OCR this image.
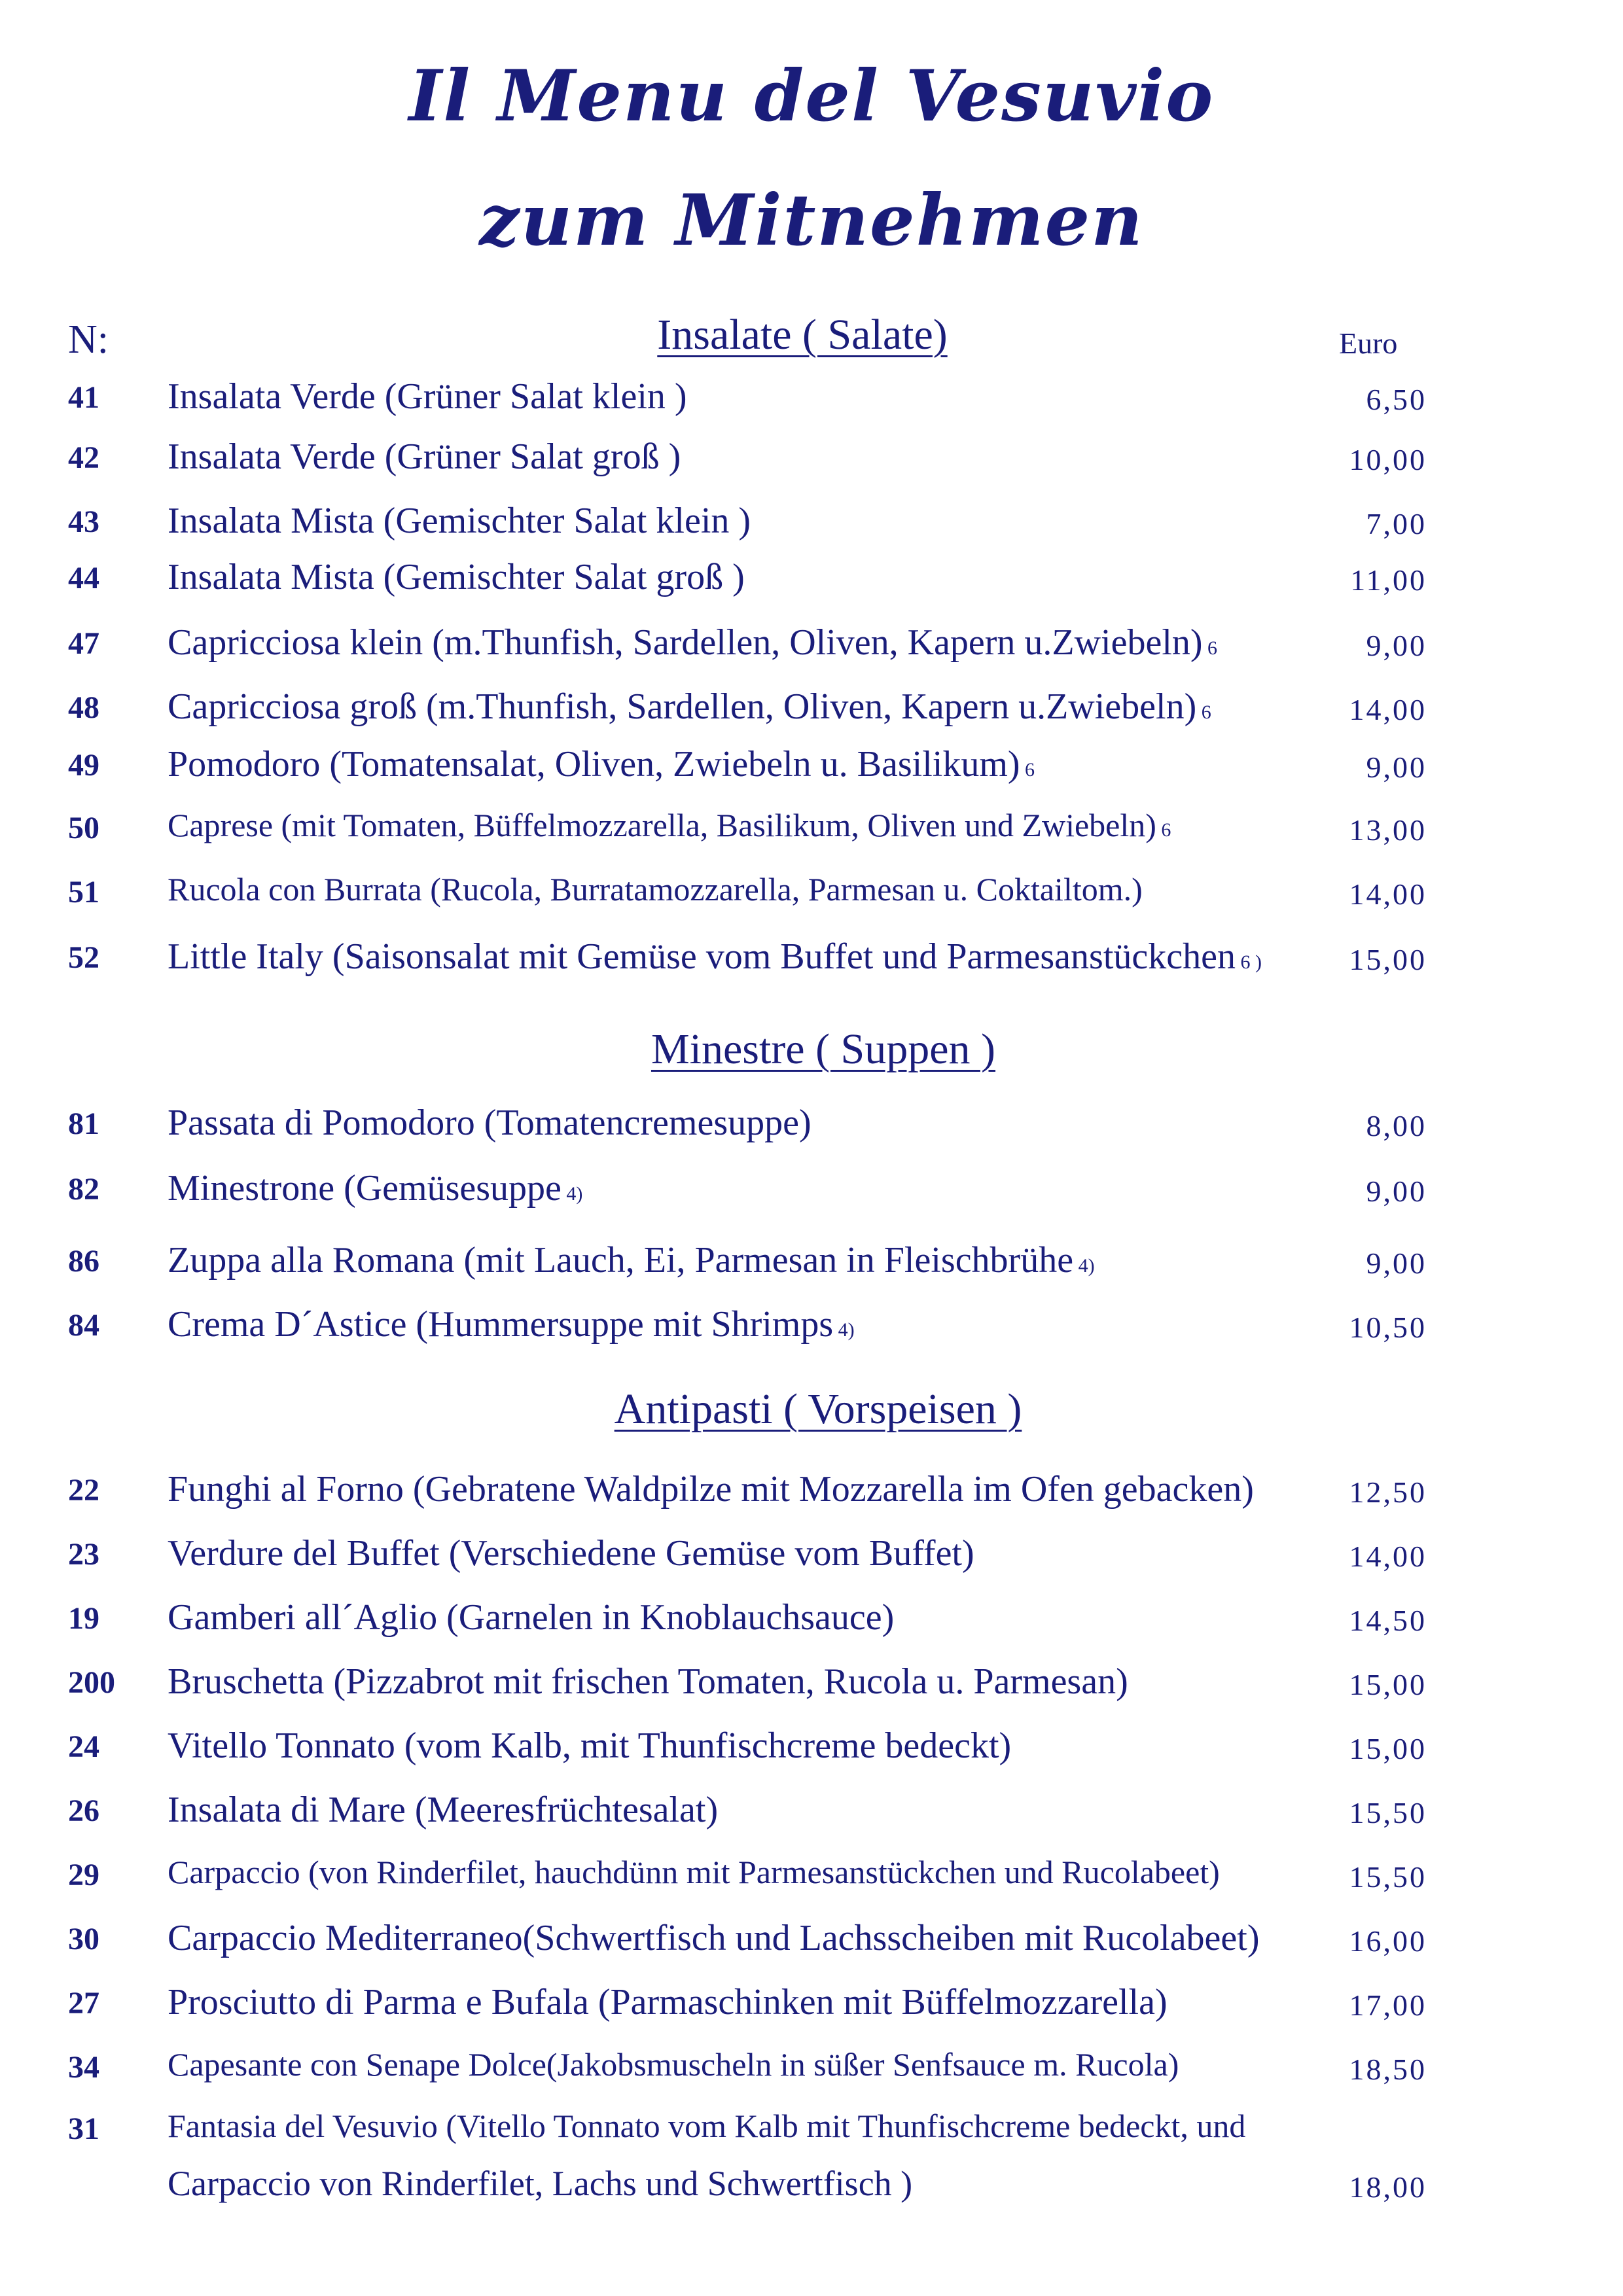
Il Menu del Vesuvio
zum Mitnehmen
N:	Euro
Insalate ( Salate)
Minestre ( Suppen )
Antipasti ( Vorspeisen )
41 Insalata Verde (Grüner Salat klein )	6,50
42 Insalata Verde (Grüner Salat groß )	10,00
43 Insalata Mista (Gemischter Salat klein )	7,00
44 Insalata Mista (Gemischter Salat groß )	11,00
47 Capricciosa klein (m.Thunfish, Sardellen, Oliven, Kapern u.Zwiebeln) 6	9,00
48 Capricciosa groß (m.Thunfish, Sardellen, Oliven, Kapern u.Zwiebeln) 6	14,00
49 Pomodoro (Tomatensalat, Oliven, Zwiebeln u. Basilikum) 6	9,00
50 Caprese (mit Tomaten, Büffelmozzarella, Basilikum, Oliven und Zwiebeln) 6	13,00
51 Rucola con Burrata (Rucola, Burratamozzarella, Parmesan u. Coktailtom.)	14,00
52 Little Italy (Saisonsalat mit Gemüse vom Buffet und Parmesanstückchen 6 )	15,00
81 Passata di Pomodoro (Tomatencremesuppe)	8,00
82 Minestrone (Gemüsesuppe 4)	9,00
86 Zuppa alla Romana (mit Lauch, Ei, Parmesan in Fleischbrühe 4)	9,00
84 Crema D´Astice (Hummersuppe mit Shrimps 4)	10,50
22 Funghi al Forno (Gebratene Waldpilze mit Mozzarella im Ofen gebacken)	12,50
23 Verdure del Buffet (Verschiedene Gemüse vom Buffet)	14,00
19 Gamberi all´Aglio (Garnelen in Knoblauchsauce)	14,50
200 Bruschetta (Pizzabrot mit frischen Tomaten, Rucola u. Parmesan)	15,00
24 Vitello Tonnato (vom Kalb, mit Thunfischcreme bedeckt)	15,00
26 Insalata di Mare (Meeresfrüchtesalat)	15,50
29 Carpaccio (von Rinderfilet, hauchdünn mit Parmesanstückchen und Rucolabeet)	15,50
30 Carpaccio Mediterraneo(Schwertfisch und Lachsscheiben mit Rucolabeet)	16,00
27 Prosciutto di Parma e Bufala (Parmaschinken mit Büffelmozzarella)	17,00
34 Capesante con Senape Dolce(Jakobsmuscheln in süßer Senfsauce m. Rucola)	18,50
31 Fantasia del Vesuvio (Vitello Tonnato vom Kalb mit Thunfischcreme bedeckt, und
Carpaccio von Rinderfilet, Lachs und Schwertfisch )	18,00
